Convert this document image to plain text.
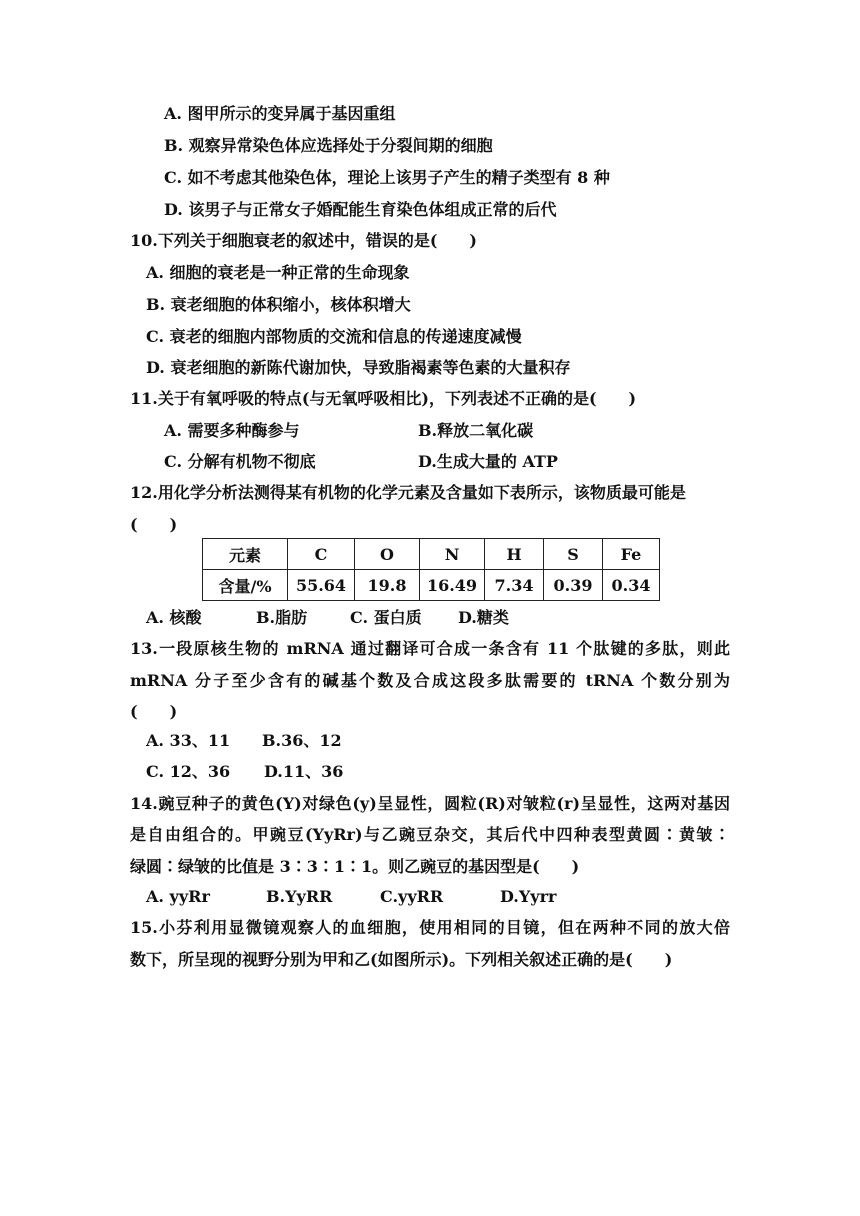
A. 图甲所示的变异属于基因重组
B. 观察异常染色体应选择处于分裂间期的细胞
C. 如不考虑其他染色体，理论上该男子产生的精子类型有 8 种
D. 该男子与正常女子婚配能生育染色体组成正常的后代
10.下列关于细胞衰老的叙述中，错误的是(　　)
A. 细胞的衰老是一种正常的生命现象
B. 衰老细胞的体积缩小，核体积增大
C. 衰老的细胞内部物质的交流和信息的传递速度减慢
D. 衰老细胞的新陈代谢加快，导致脂褐素等色素的大量积存
11.关于有氧呼吸的特点(与无氧呼吸相比)，下列表述不正确的是(　　)
A. 需要多种酶参与	B.释放二氧化碳
C. 分解有机物不彻底	D.生成大量的 ATP
12.用化学分析法测得某有机物的化学元素及含量如下表所示，该物质最可能是
(　　)
元素	C	O	N	H	S	Fe
含量/%	55.64	19.8	16.49	7.34	0.39	0.34
A. 核酸	B.脂肪	C. 蛋白质 D.糖类
13.一段原核生物的 mRNA 通过翻译可合成一条含有 11 个肽键的多肽，则此
mRNA 分子至少含有的碱基个数及合成这段多肽需要的 tRNA 个数分别为
(　　)
A. 33、11 B.36、12
C. 12、36 D.11、36
14.豌豆种子的黄色(Y)对绿色(y)呈显性，圆粒(R)对皱粒(r)呈显性，这两对基因
是自由组合的。甲豌豆(YyRr)与乙豌豆杂交，其后代中四种表型黄圆∶黄皱∶
绿圆∶绿皱的比值是 3∶3∶1∶1。则乙豌豆的基因型是(　　)
A. yyRr	B.YyRR	C.yyRR	D.Yyrr
15.小芬利用显微镜观察人的血细胞，使用相同的目镜，但在两种不同的放大倍
数下，所呈现的视野分别为甲和乙(如图所示)。下列相关叙述正确的是(　　)
